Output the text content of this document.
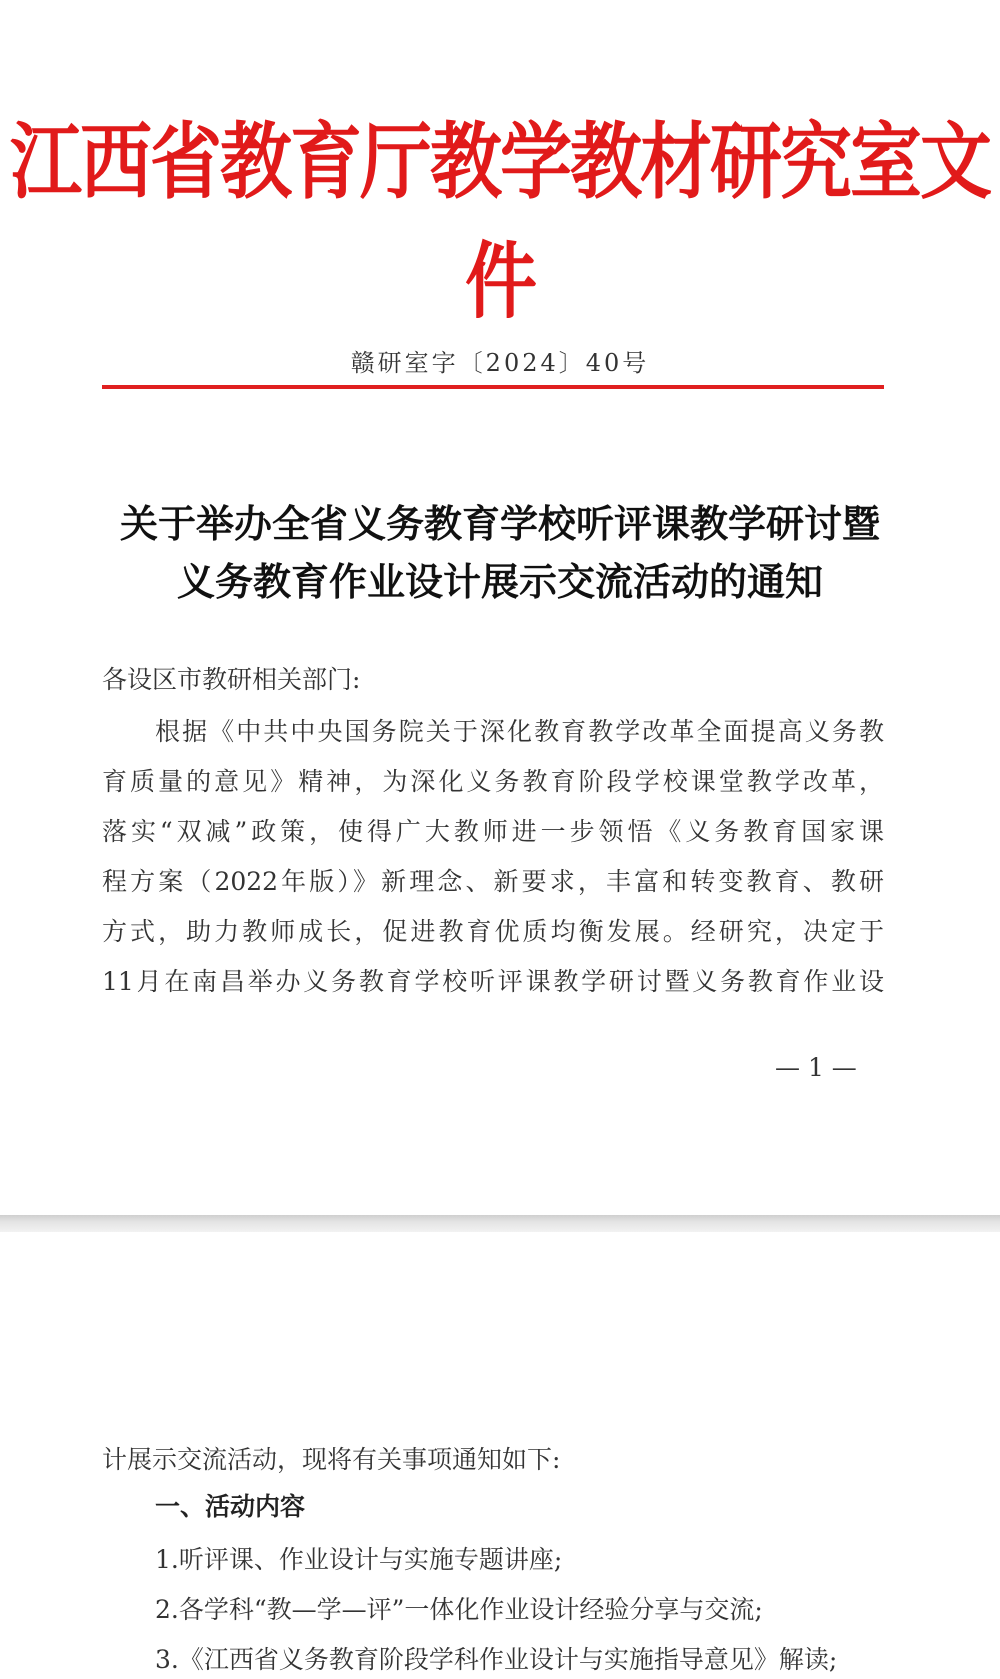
江西省教育厅教学教材研究室文件
赣研室字〔2024〕40号
关于举办全省义务教育学校听评课教学研讨暨
义务教育作业设计展示交流活动的通知
各设区市教研相关部门:
根据《中共中央国务院关于深化教育教学改革全面提高义务教
育质量的意见》精神，为深化义务教育阶段学校课堂教学改革，
落实“双减”政策，使得广大教师进一步领悟《义务教育国家课
程方案（2022年版）》新理念、新要求，丰富和转变教育、教研
方式，助力教师成长，促进教育优质均衡发展。经研究，决定于
11月在南昌举办义务教育学校听评课教学研讨暨义务教育作业设
— 1 —
计展示交流活动，现将有关事项通知如下:
一、活动内容
1.听评课、作业设计与实施专题讲座;
2.各学科“教—学—评”一体化作业设计经验分享与交流;
3.《江西省义务教育阶段学科作业设计与实施指导意见》解读;
